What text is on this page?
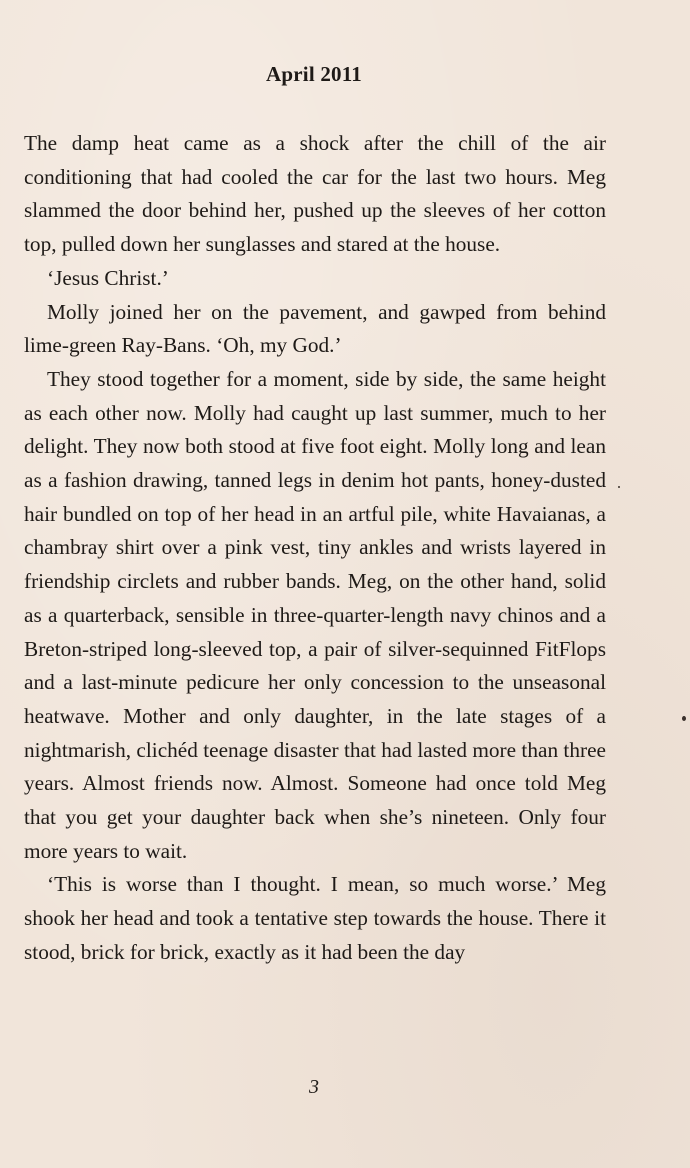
April 2011

The damp heat came as a shock after the chill of the air conditioning that had cooled the car for the last two hours. Meg slammed the door behind her, pushed up the sleeves of her cotton top, pulled down her sunglasses and stared at the house.

‘Jesus Christ.’

Molly joined her on the pavement, and gawped from behind lime-green Ray-Bans. ‘Oh, my God.’

They stood together for a moment, side by side, the same height as each other now. Molly had caught up last summer, much to her delight. They now both stood at five foot eight. Molly long and lean as a fashion drawing, tanned legs in denim hot pants, honey-dusted hair bundled on top of her head in an artful pile, white Havaianas, a chambray shirt over a pink vest, tiny ankles and wrists layered in friendship circlets and rubber bands. Meg, on the other hand, solid as a quarterback, sensible in three-quarter-length navy chinos and a Breton-striped long-sleeved top, a pair of silver-sequinned FitFlops and a last-minute pedicure her only concession to the unseasonal heatwave. Mother and only daughter, in the late stages of a nightmarish, clichéd teenage disaster that had lasted more than three years. Almost friends now. Almost. Someone had once told Meg that you get your daughter back when she’s nineteen. Only four more years to wait.

‘This is worse than I thought. I mean, so much worse.’ Meg shook her head and took a tentative step towards the house. There it stood, brick for brick, exactly as it had been the day

3
